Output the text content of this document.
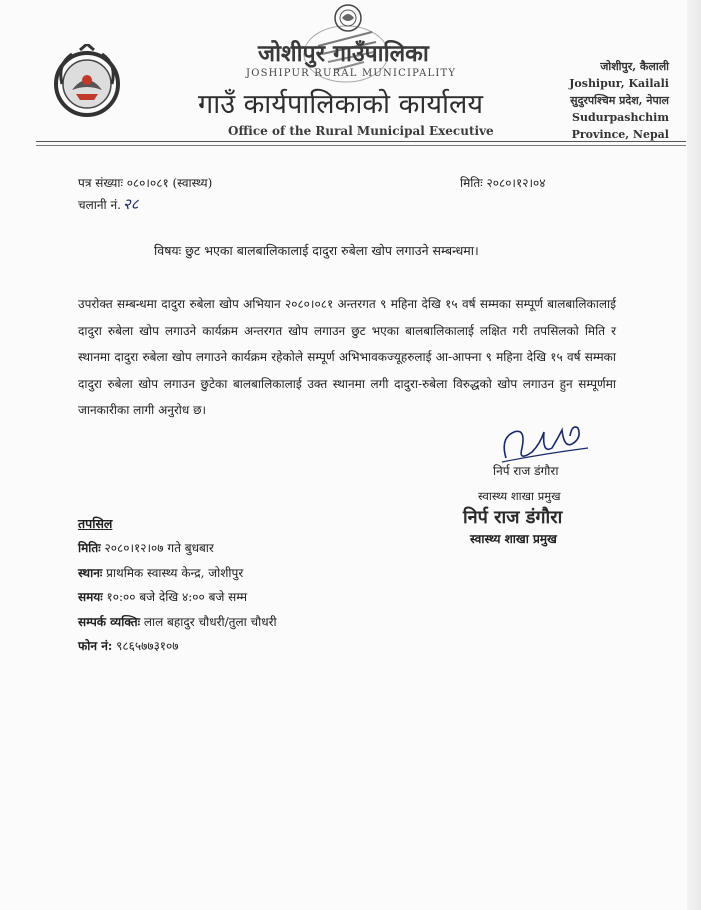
जोशीपुर गाउँपालिका
JOSHIPUR RURAL MUNICIPALITY
गाउँ कार्यपालिकाको कार्यालय
Office of the Rural Municipal Executive
जोशीपुर, कैलाली
Joshipur, Kailali
सुदुरपश्चिम प्रदेश, नेपाल
Sudurpashchim
Province, Nepal
पत्र संख्याः ०८०।०८१ (स्वास्थ्य)
चलानी नं. २८
मितिः २०८०।१२।०४
विषयः छुट भएका बालबालिकालाई दादुरा रुबेला खोप लगाउने सम्बन्धमा।
उपरोक्त सम्बन्धमा दादुरा रुबेला खोप अभियान २०८०।०८१ अन्तरगत ९ महिना देखि १५ वर्ष सम्मका सम्पूर्ण बालबालिकालाई दादुरा रुबेला खोप लगाउने कार्यक्रम अन्तरगत खोप लगाउन छुट भएका बालबालिकालाई लक्षित गरी तपसिलको मिति र स्थानमा दादुरा रुबेला खोप लगाउने कार्यक्रम रहेकोले सम्पूर्ण अभिभावकज्यूहरुलाई आ-आफ्ना ९ महिना देखि १५ वर्ष सम्मका दादुरा रुबेला खोप लगाउन छुटेका बालबालिकालाई उक्त स्थानमा लगी दादुरा-रुबेला विरुद्धको खोप लगाउन हुन सम्पूर्णमा जानकारीका लागी अनुरोध छ।
निर्प राज डंगौरा
स्वास्थ्य शाखा प्रमुख
निर्प राज डंगौरा
स्वास्थ्य शाखा प्रमुख
तपसिल
मितिः २०८०।१२।०७ गते बुधबार
स्थानः प्राथमिक स्वास्थ्य केन्द्र, जोशीपुर
समयः १०:०० बजे देखि ४:०० बजे सम्म
सम्पर्क व्यक्तिः लाल बहादुर चौधरी/तुला चौधरी
फोन नं: ९८६५७७३१०७
